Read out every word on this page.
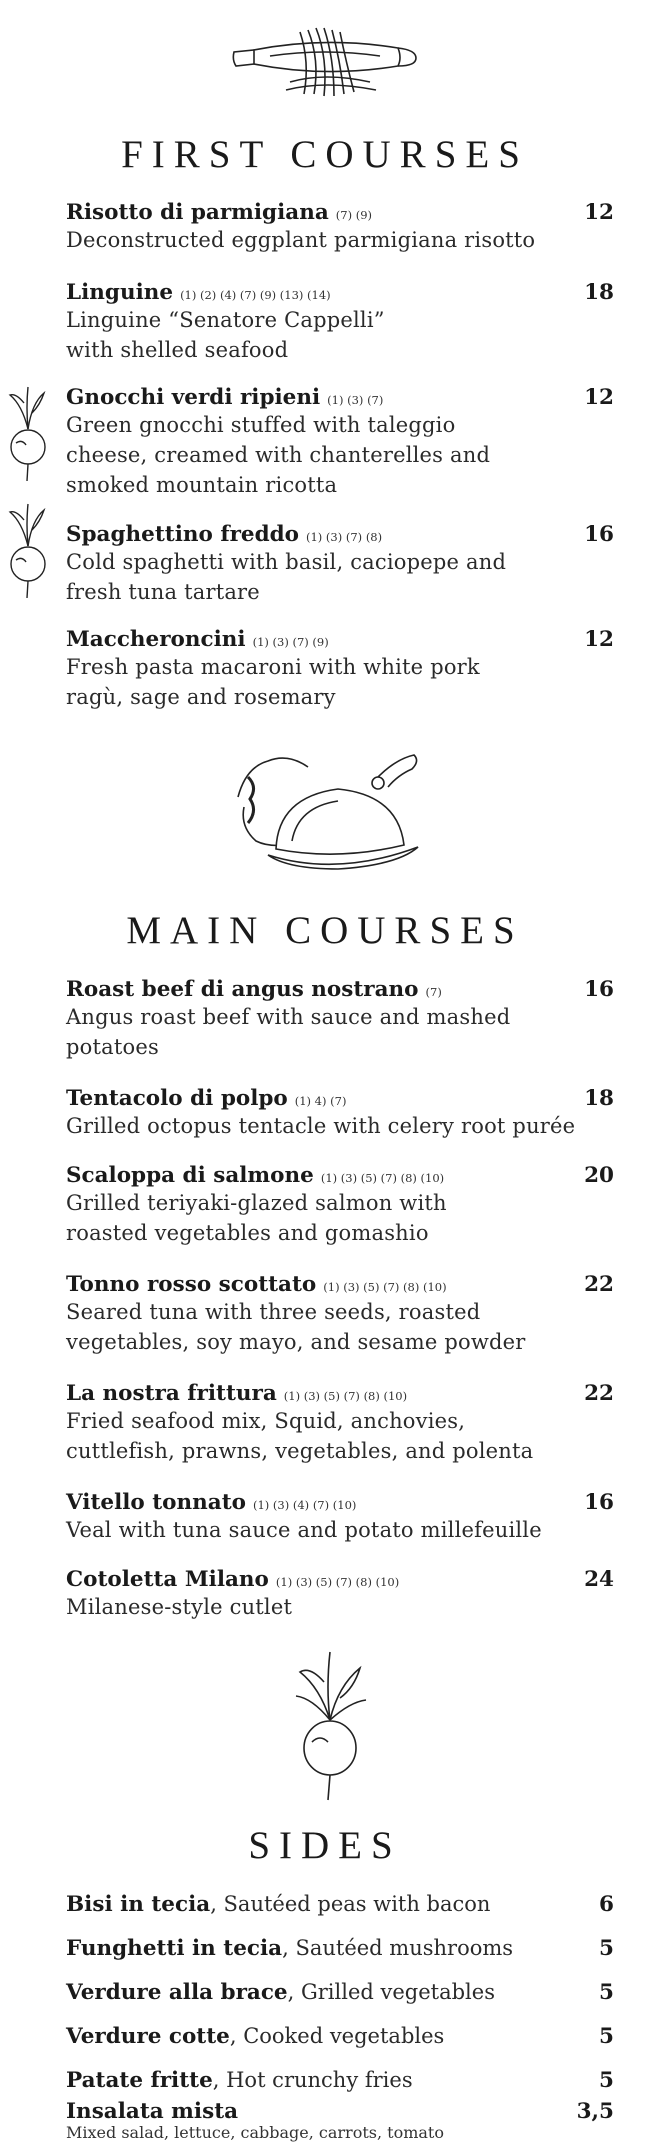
FIRST COURSES
Risotto di parmigiana (7) (9)	12
Deconstructed eggplant parmigiana risotto
Linguine (1) (2) (4) (7) (9) (13) (14)	18
Linguine “Senatore Cappelli”
with shelled seafood
Gnocchi verdi ripieni (1) (3) (7)	12
Green gnocchi stuffed with taleggio
cheese, creamed with chanterelles and
smoked mountain ricotta
Spaghettino freddo (1) (3) (7) (8)	16
Cold spaghetti with basil, caciopepe and
fresh tuna tartare
Maccheroncini (1) (3) (7) (9)	12
Fresh pasta macaroni with white pork
ragù, sage and rosemary
MAIN COURSES
Roast beef di angus nostrano (7)	16
Angus roast beef with sauce and mashed
potatoes
Tentacolo di polpo (1) 4) (7)	18
Grilled octopus tentacle with celery root purée
Scaloppa di salmone (1) (3) (5) (7) (8) (10)	20
Grilled teriyaki-glazed salmon with
roasted vegetables and gomashio
Tonno rosso scottato (1) (3) (5) (7) (8) (10)	22
Seared tuna with three seeds, roasted
vegetables, soy mayo, and sesame powder
La nostra frittura (1) (3) (5) (7) (8) (10)	22
Fried seafood mix, Squid, anchovies,
cuttlefish, prawns, vegetables, and polenta
Vitello tonnato (1) (3) (4) (7) (10)	16
Veal with tuna sauce and potato millefeuille
Cotoletta Milano (1) (3) (5) (7) (8) (10)	24
Milanese-style cutlet
SIDES
Bisi in tecia, Sautéed peas with bacon	6
Funghetti in tecia, Sautéed mushrooms	5
Verdure alla brace, Grilled vegetables	5
Verdure cotte, Cooked vegetables	5
Patate fritte, Hot crunchy fries	5
Insalata mista	3,5
Mixed salad, lettuce, cabbage, carrots, tomato
